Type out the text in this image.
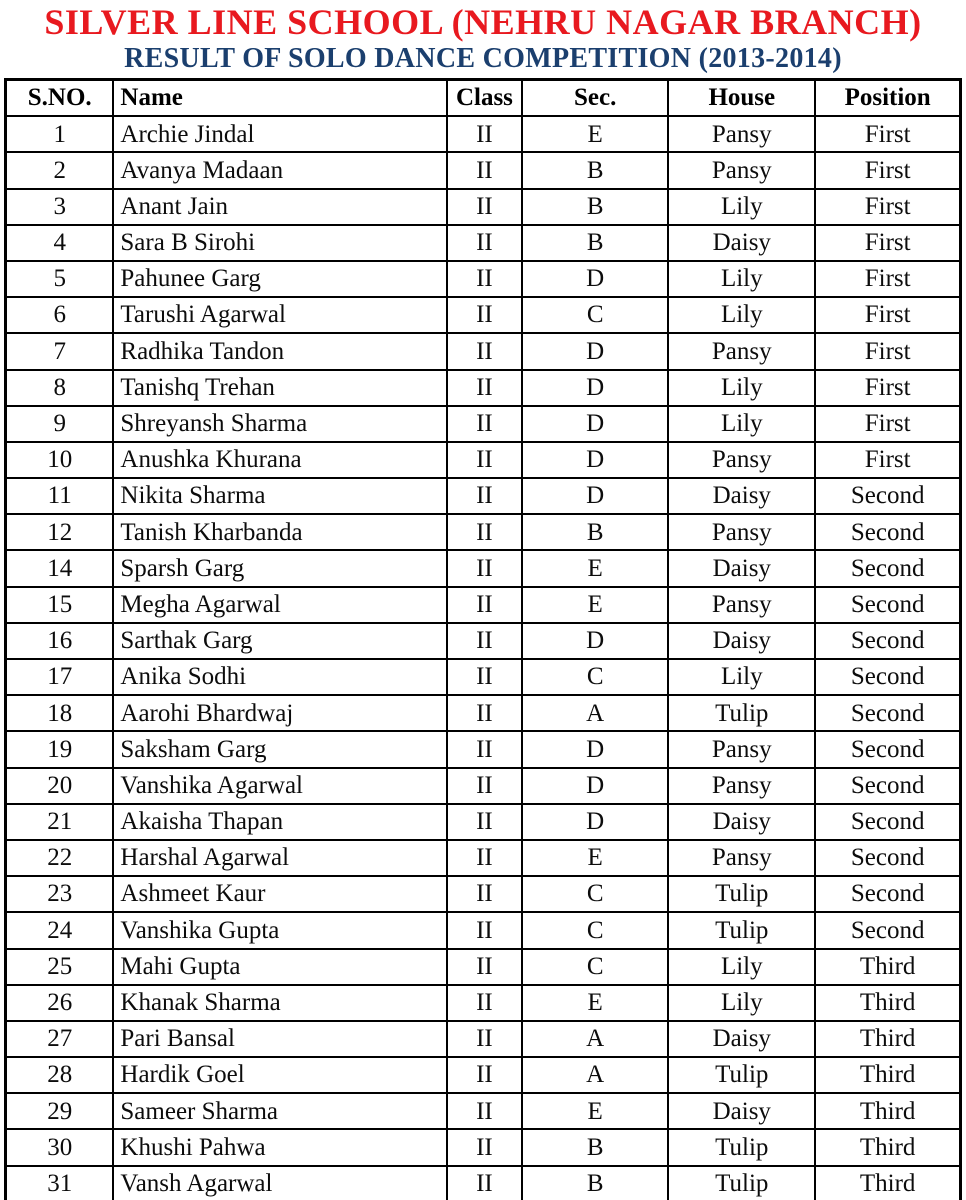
SILVER LINE SCHOOL (NEHRU NAGAR BRANCH)
RESULT OF SOLO DANCE COMPETITION (2013-2014)
S.NO.	Name	Class	Sec.	House	Position
1	Archie Jindal	II	E	Pansy	First
2	Avanya Madaan	II	B	Pansy	First
3	Anant Jain	II	B	Lily	First
4	Sara B Sirohi	II	B	Daisy	First
5	Pahunee Garg	II	D	Lily	First
6	Tarushi Agarwal	II	C	Lily	First
7	Radhika Tandon	II	D	Pansy	First
8	Tanishq Trehan	II	D	Lily	First
9	Shreyansh Sharma	II	D	Lily	First
10	Anushka Khurana	II	D	Pansy	First
11	Nikita Sharma	II	D	Daisy	Second
12	Tanish Kharbanda	II	B	Pansy	Second
14	Sparsh Garg	II	E	Daisy	Second
15	Megha Agarwal	II	E	Pansy	Second
16	Sarthak Garg	II	D	Daisy	Second
17	Anika Sodhi	II	C	Lily	Second
18	Aarohi Bhardwaj	II	A	Tulip	Second
19	Saksham Garg	II	D	Pansy	Second
20	Vanshika Agarwal	II	D	Pansy	Second
21	Akaisha Thapan	II	D	Daisy	Second
22	Harshal Agarwal	II	E	Pansy	Second
23	Ashmeet Kaur	II	C	Tulip	Second
24	Vanshika Gupta	II	C	Tulip	Second
25	Mahi Gupta	II	C	Lily	Third
26	Khanak Sharma	II	E	Lily	Third
27	Pari Bansal	II	A	Daisy	Third
28	Hardik Goel	II	A	Tulip	Third
29	Sameer Sharma	II	E	Daisy	Third
30	Khushi Pahwa	II	B	Tulip	Third
31	Vansh Agarwal	II	B	Tulip	Third
